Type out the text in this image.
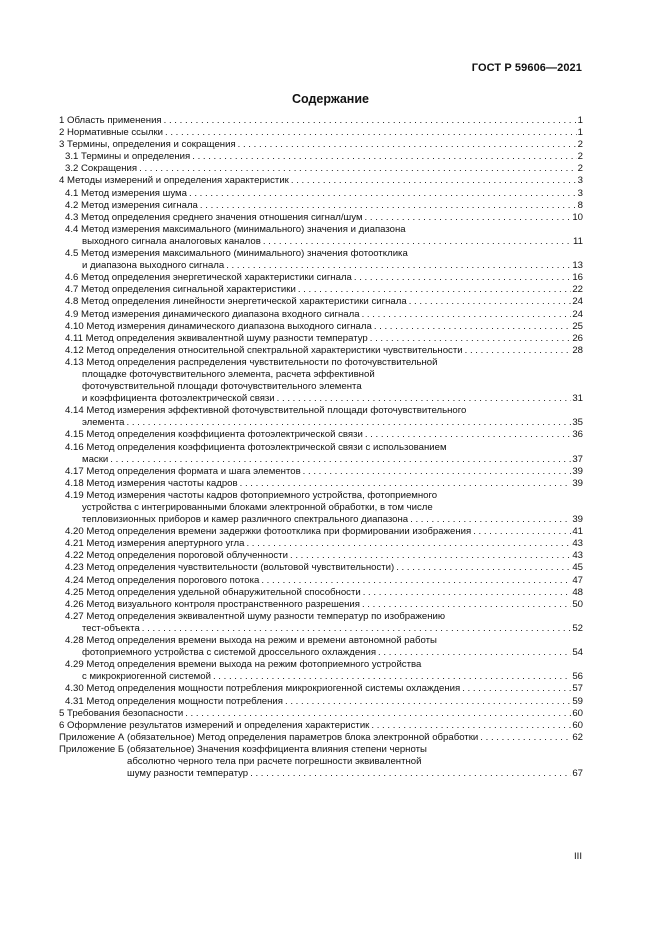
ГОСТ Р 59606—2021
Содержание
1 Область применения . . .	1
2 Нормативные ссылки . . .	1
3 Термины, определения и сокращения . . .	2
3.1 Термины и определения . . .	2
3.2 Сокращения . . .	2
4 Методы измерений и определения характеристик . . .	3
4.1 Метод измерения шума . . .	3
4.2 Метод измерения сигнала . . .	8
4.3 Метод определения среднего значения отношения сигнал/шум . . .	10
4.4 Метод измерения максимального (минимального) значения и диапазона
выходного сигнала аналоговых каналов . . .	11
4.5 Метод измерения максимального (минимального) значения фотоотклика
и диапазона выходного сигнала . . .	13
4.6 Метод определения энергетической характеристики сигнала . . .	16
4.7 Метод определения сигнальной характеристики . . .	22
4.8 Метод определения линейности энергетической характеристики сигнала . . .	24
4.9 Метод измерения динамического диапазона входного сигнала . . .	24
4.10 Метод измерения динамического диапазона выходного сигнала . . .	25
4.11 Метод определения эквивалентной шуму разности температур . . .	26
4.12 Метод определения относительной спектральной характеристики чувствительности . . .	28
4.13 Метод определения распределения чувствительности по фоточувствительной
площадке фоточувствительного элемента, расчета эффективной
фоточувствительной площади фоточувствительного элемента
и коэффициента фотоэлектрической связи . . .	31
4.14 Метод измерения эффективной фоточувствительной площади фоточувствительного
элемента . . .	35
4.15 Метод определения коэффициента фотоэлектрической связи . . .	36
4.16 Метод определения коэффициента фотоэлектрической связи с использованием
маски . . .	37
4.17 Метод определения формата и шага элементов . . .	39
4.18 Метод измерения частоты кадров . . .	39
4.19 Метод измерения частоты кадров фотоприемного устройства, фотоприемного
устройства с интегрированными блоками электронной обработки, в том числе
тепловизионных приборов и камер различного спектрального диапазона . . .	39
4.20 Метод определения времени задержки фотоотклика при формировании изображения . . .	41
4.21 Метод измерения апертурного угла . . .	43
4.22 Метод определения пороговой облученности . . .	43
4.23 Метод определения чувствительности (вольтовой чувствительности) . . .	45
4.24 Метод определения порогового потока . . .	47
4.25 Метод определения удельной обнаружительной способности . . .	48
4.26 Метод визуального контроля пространственного разрешения . . .	50
4.27 Метод определения эквивалентной шуму разности температур по изображению
тест-объекта . . .	52
4.28 Метод определения времени выхода на режим и времени автономной работы
фотоприемного устройства с системой дроссельного охлаждения . . .	54
4.29 Метод определения времени выхода на режим фотоприемного устройства
с микрокриогенной системой . . .	56
4.30 Метод определения мощности потребления микрокриогенной системы охлаждения . . .	57
4.31 Метод определения мощности потребления . . .	59
5 Требования безопасности . . .	60
6 Оформление результатов измерений и определения характеристик . . .	60
Приложение А (обязательное) Метод определения параметров блока электронной обработки . . .	62
Приложение Б (обязательное) Значения коэффициента влияния степени черноты
абсолютно черного тела при расчете погрешности эквивалентной
шуму разности температур . . .	67
III
